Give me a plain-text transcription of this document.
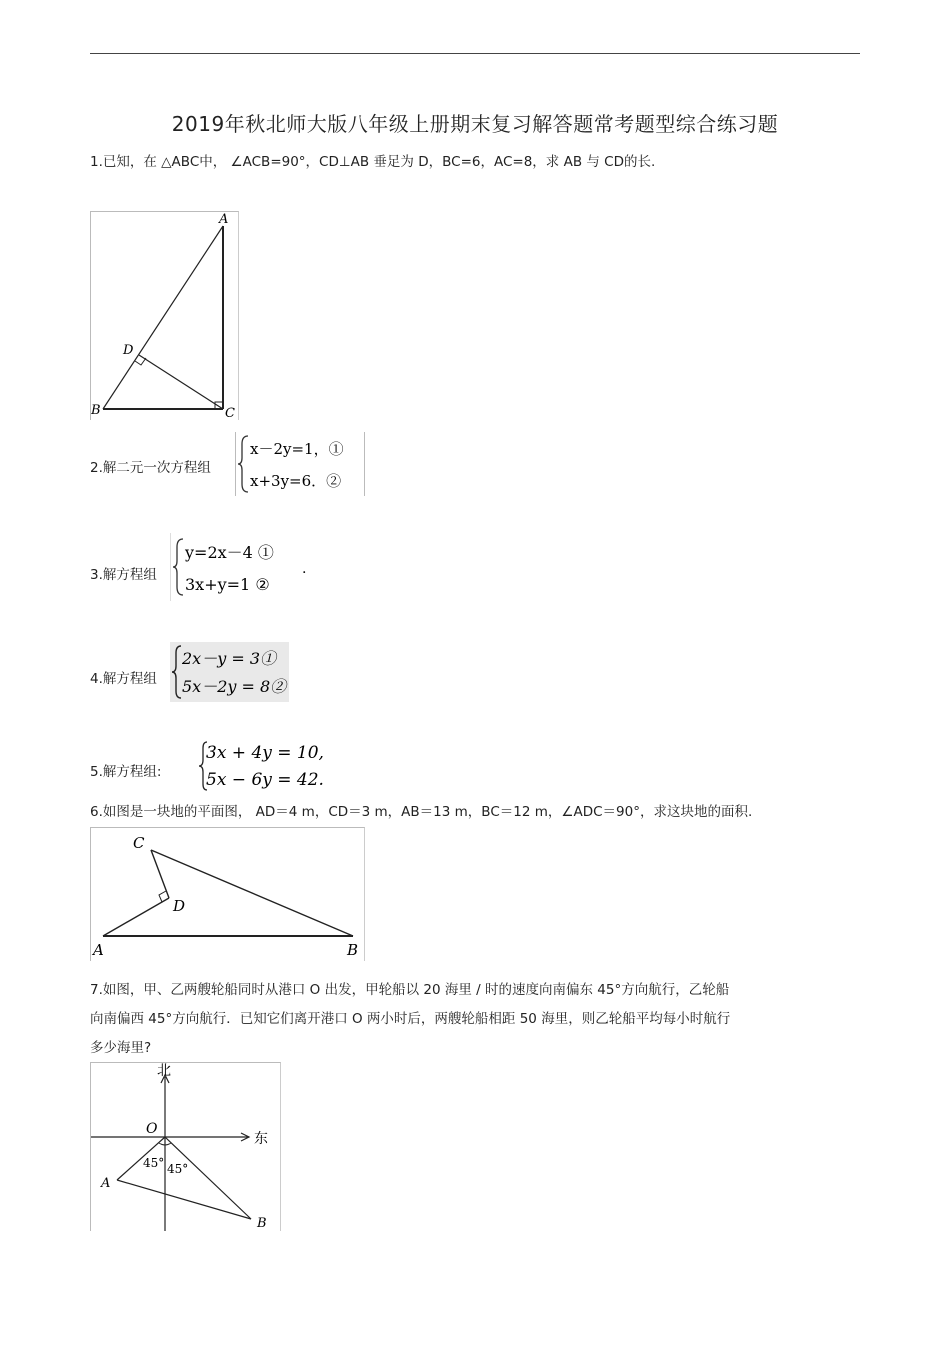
2019年秋北师大版八年级上册期末复习解答题常考题型综合练习题
1.已知，在 △ABC中， ∠ACB=90°，CD⊥AB 垂足为 D，BC=6，AC=8，求 AB 与 CD的长.
A
B	C
D
2.解二元一次方程组
x－2y=1，①
x+3y=6．②
3.解方程组
y=2x－4 ①
3x+y=1 ②
.
4.解方程组
2x－y = 3①
5x－2y = 8②
5.解方程组:
3x + 4y = 10,
5x − 6y = 42.
6.如图是一块地的平面图， AD＝4 m，CD＝3 m，AB＝13 m，BC＝12 m，∠ADC＝90°，求这块地的面积.
C
D
A	B
7.如图，甲、乙两艘轮船同时从港口 O 出发，甲轮船以 20 海里 / 时的速度向南偏东 45°方向航行，乙轮船
向南偏西 45°方向航行．已知它们离开港口 O 两小时后，两艘轮船相距 50 海里，则乙轮船平均每小时航行
多少海里?
北
东
O
A
B
45° 45°
